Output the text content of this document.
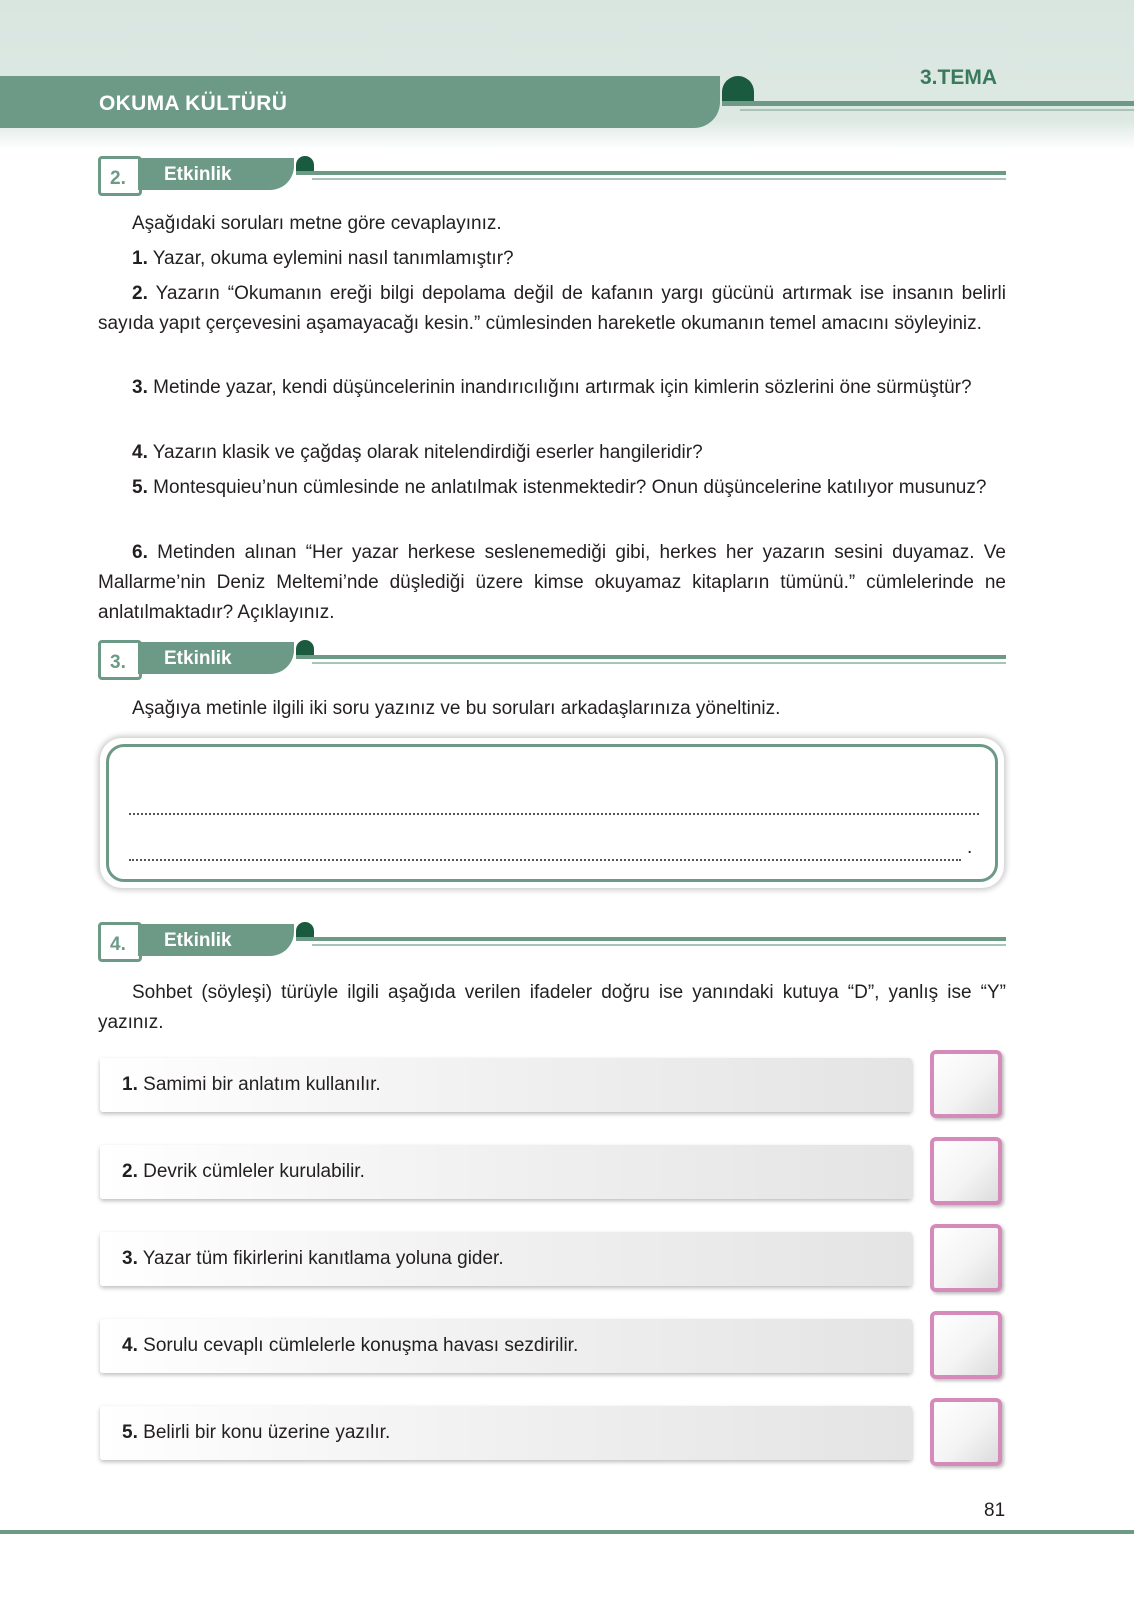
OKUMA KÜLTÜRÜ
3.TEMA
2. Etkinlik
Aşağıdaki soruları metne göre cevaplayınız.
1. Yazar, okuma eylemini nasıl tanımlamıştır?
2. Yazarın “Okumanın ereği bilgi depolama değil de kafanın yargı gücünü artırmak ise insanın belirli sayıda yapıt çerçevesini aşamayacağı kesin.” cümlesinden hareketle okumanın temel amacını söyleyiniz.
3. Metinde yazar, kendi düşüncelerinin inandırıcılığını artırmak için kimlerin sözlerini öne sürmüştür?
4. Yazarın klasik ve çağdaş olarak nitelendirdiği eserler hangileridir?
5. Montesquieu’nun cümlesinde ne anlatılmak istenmektedir? Onun düşüncelerine katılıyor musunuz?
6. Metinden alınan “Her yazar herkese seslenemediği gibi, herkes her yazarın sesini duyamaz. Ve Mallarme’nin Deniz Meltemi’nde düşlediği üzere kimse okuyamaz kitapların tümünü.” cümlelerinde ne anlatılmaktadır? Açıklayınız.
3. Etkinlik
Aşağıya metinle ilgili iki soru yazınız ve bu soruları arkadaşlarınıza yöneltiniz.
.
4. Etkinlik
Sohbet (söyleşi) türüyle ilgili aşağıda verilen ifadeler doğru ise yanındaki kutuya “D”, yanlış ise “Y” yazınız.
1. Samimi bir anlatım kullanılır.
2. Devrik cümleler kurulabilir.
3. Yazar tüm fikirlerini kanıtlama yoluna gider.
4. Sorulu cevaplı cümlelerle konuşma havası sezdirilir.
5. Belirli bir konu üzerine yazılır.
81
